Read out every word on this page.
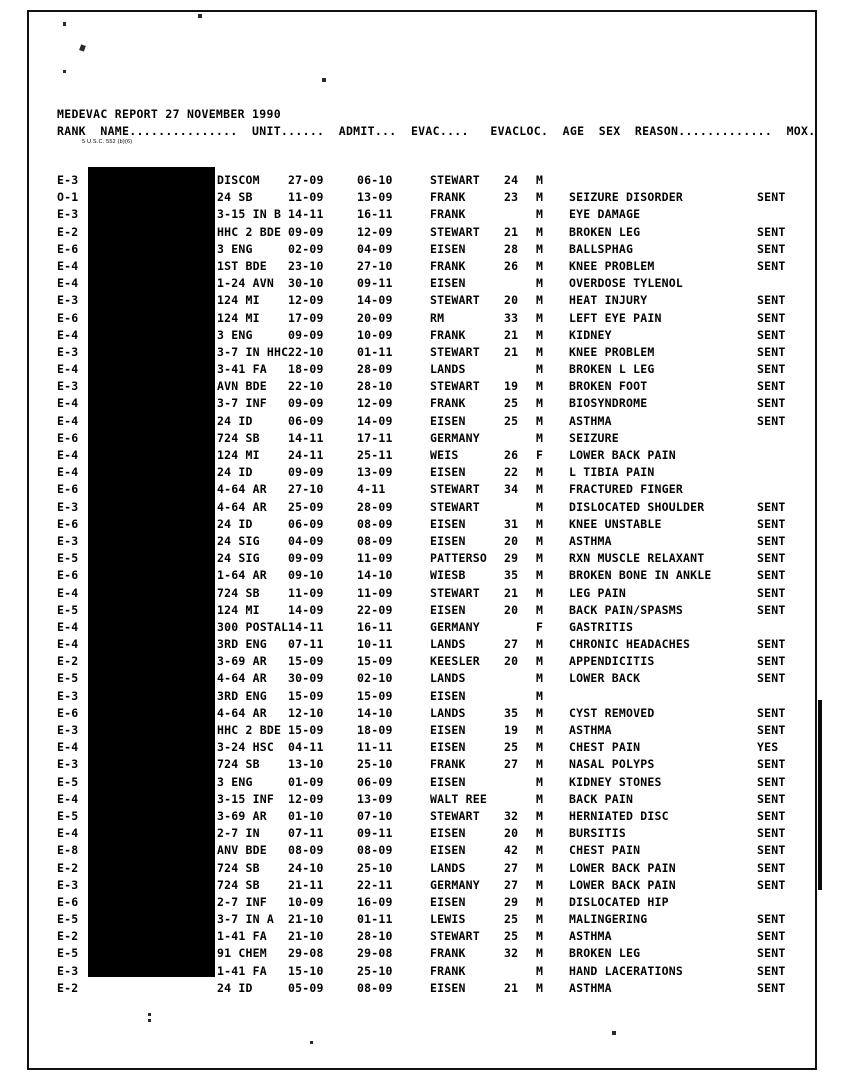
MEDEVAC REPORT 27 NOVEMBER 1990
RANK  NAME...............  UNIT......  ADMIT...  EVAC....   EVACLOC.  AGE  SEX  REASON.............  MOX.
5 U.S.C. 552 (b)(6)
E-3	DISCOM 27-09	06-10	STEWART 24 M
O-1	24 SB	11-09	13-09	FRANK	23 M SEIZURE DISORDER	SENT
E-3	3-15 IN B 14-11	16-11	FRANK	M EYE DAMAGE
E-2	HHC 2 BDE 09-09	12-09	STEWART 21 M BROKEN LEG	SENT
E-6	3 ENG	02-09	04-09	EISEN	28 M BALLSPHAG	SENT
E-4	1ST BDE 23-10	27-10	FRANK	26 M KNEE PROBLEM	SENT
E-4	1-24 AVN 30-10	09-11	EISEN	M OVERDOSE TYLENOL
E-3	124 MI 12-09	14-09	STEWART 20 M HEAT INJURY	SENT
E-6	124 MI 17-09	20-09	RM	33 M LEFT EYE PAIN	SENT
E-4	3 ENG	09-09	10-09	FRANK	21 M KIDNEY	SENT
E-3	3-7 IN HHC 22-10	01-11	STEWART 21 M KNEE PROBLEM	SENT
E-4	3-41 FA 18-09	28-09	LANDS	M BROKEN L LEG	SENT
E-3	AVN BDE 22-10	28-10	STEWART 19 M BROKEN FOOT	SENT
E-4	3-7 INF 09-09	12-09	FRANK	25 M BIOSYNDROME	SENT
E-4	24 ID	06-09	14-09	EISEN	25 M ASTHMA	SENT
E-6	724 SB 14-11	17-11	GERMANY	M SEIZURE
E-4	124 MI 24-11	25-11	WEIS	26 F LOWER BACK PAIN
E-4	24 ID	09-09	13-09	EISEN	22 M L TIBIA PAIN
E-6	4-64 AR 27-10	4-11	STEWART 34 M FRACTURED FINGER
E-3	4-64 AR 25-09	28-09	STEWART	M DISLOCATED SHOULDER	SENT
E-6	24 ID	06-09	08-09	EISEN	31 M KNEE UNSTABLE	SENT
E-3	24 SIG 04-09	08-09	EISEN	20 M ASTHMA	SENT
E-5	24 SIG 09-09	11-09	PATTERSO 29 M RXN MUSCLE RELAXANT	SENT
E-6	1-64 AR 09-10	14-10	WIESB	35 M BROKEN BONE IN ANKLE	SENT
E-4	724 SB 11-09	11-09	STEWART 21 M LEG PAIN	SENT
E-5	124 MI 14-09	22-09	EISEN	20 M BACK PAIN/SPASMS	SENT
E-4	300 POSTAL 14-11	16-11	GERMANY	F GASTRITIS
E-4	3RD ENG 07-11	10-11	LANDS	27 M CHRONIC HEADACHES	SENT
E-2	3-69 AR 15-09	15-09	KEESLER 20 M APPENDICITIS	SENT
E-5	4-64 AR 30-09	02-10	LANDS	M LOWER BACK	SENT
E-3	3RD ENG 15-09	15-09	EISEN	M
E-6	4-64 AR 12-10	14-10	LANDS	35 M CYST REMOVED	SENT
E-3	HHC 2 BDE 15-09	18-09	EISEN	19 M ASTHMA	SENT
E-4	3-24 HSC 04-11	11-11	EISEN	25 M CHEST PAIN	YES
E-3	724 SB 13-10	25-10	FRANK	27 M NASAL POLYPS	SENT
E-5	3 ENG	01-09	06-09	EISEN	M KIDNEY STONES	SENT
E-4	3-15 INF 12-09	13-09	WALT REE	M BACK PAIN	SENT
E-5	3-69 AR 01-10	07-10	STEWART 32 M HERNIATED DISC	SENT
E-4	2-7 IN 07-11	09-11	EISEN	20 M BURSITIS	SENT
E-8	ANV BDE 08-09	08-09	EISEN	42 M CHEST PAIN	SENT
E-2	724 SB 24-10	25-10	LANDS	27 M LOWER BACK PAIN	SENT
E-3	724 SB 21-11	22-11	GERMANY 27 M LOWER BACK PAIN	SENT
E-6	2-7 INF 10-09	16-09	EISEN	29 M DISLOCATED HIP
E-5	3-7 IN A 21-10	01-11	LEWIS	25 M MALINGERING	SENT
E-2	1-41 FA 21-10	28-10	STEWART 25 M ASTHMA	SENT
E-5	91 CHEM 29-08	29-08	FRANK	32 M BROKEN LEG	SENT
E-3	1-41 FA 15-10	25-10	FRANK	M HAND LACERATIONS	SENT
E-2	24 ID	05-09	08-09	EISEN	21 M ASTHMA	SENT
